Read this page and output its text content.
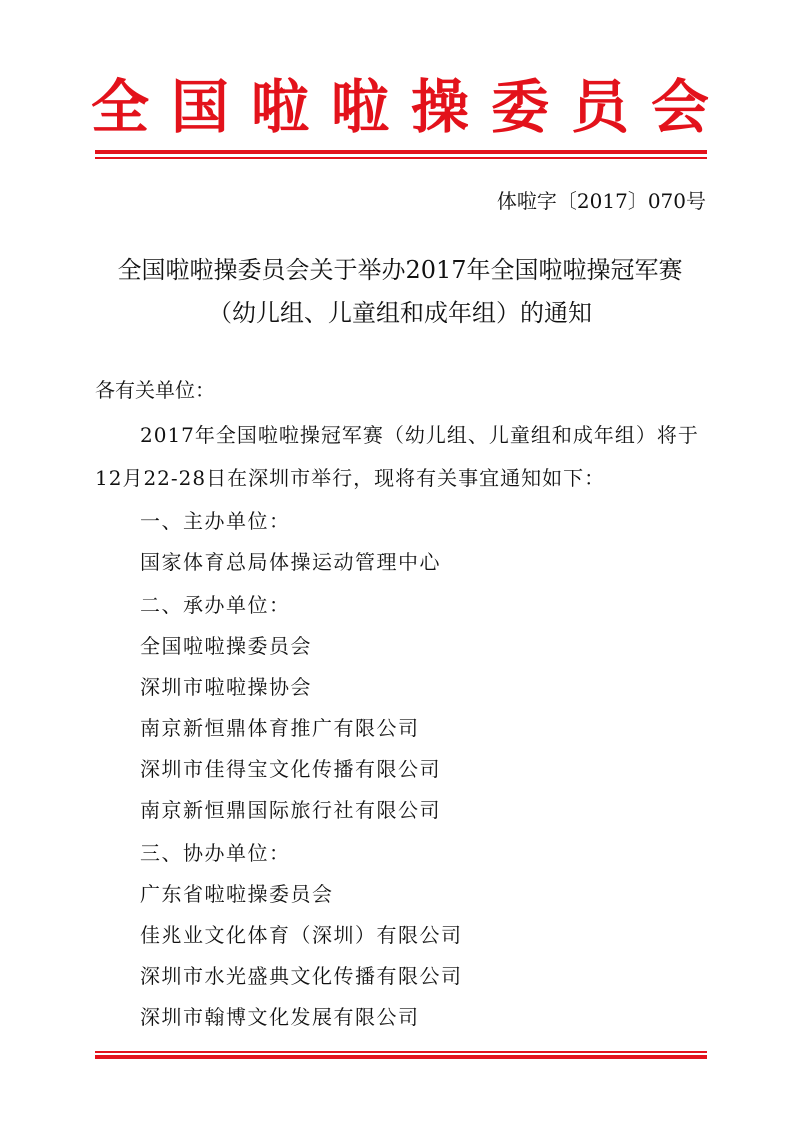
全国啦啦操委员会
体啦字〔2017〕070号
全国啦啦操委员会关于举办2017年全国啦啦操冠军赛
（幼儿组、儿童组和成年组）的通知
各有关单位：
2017年全国啦啦操冠军赛（幼儿组、儿童组和成年组）将于
12月22-28日在深圳市举行，现将有关事宜通知如下：
一、主办单位：
国家体育总局体操运动管理中心
二、承办单位：
全国啦啦操委员会
深圳市啦啦操协会
南京新恒鼎体育推广有限公司
深圳市佳得宝文化传播有限公司
南京新恒鼎国际旅行社有限公司
三、协办单位：
广东省啦啦操委员会
佳兆业文化体育（深圳）有限公司
深圳市水光盛典文化传播有限公司
深圳市翰博文化发展有限公司
